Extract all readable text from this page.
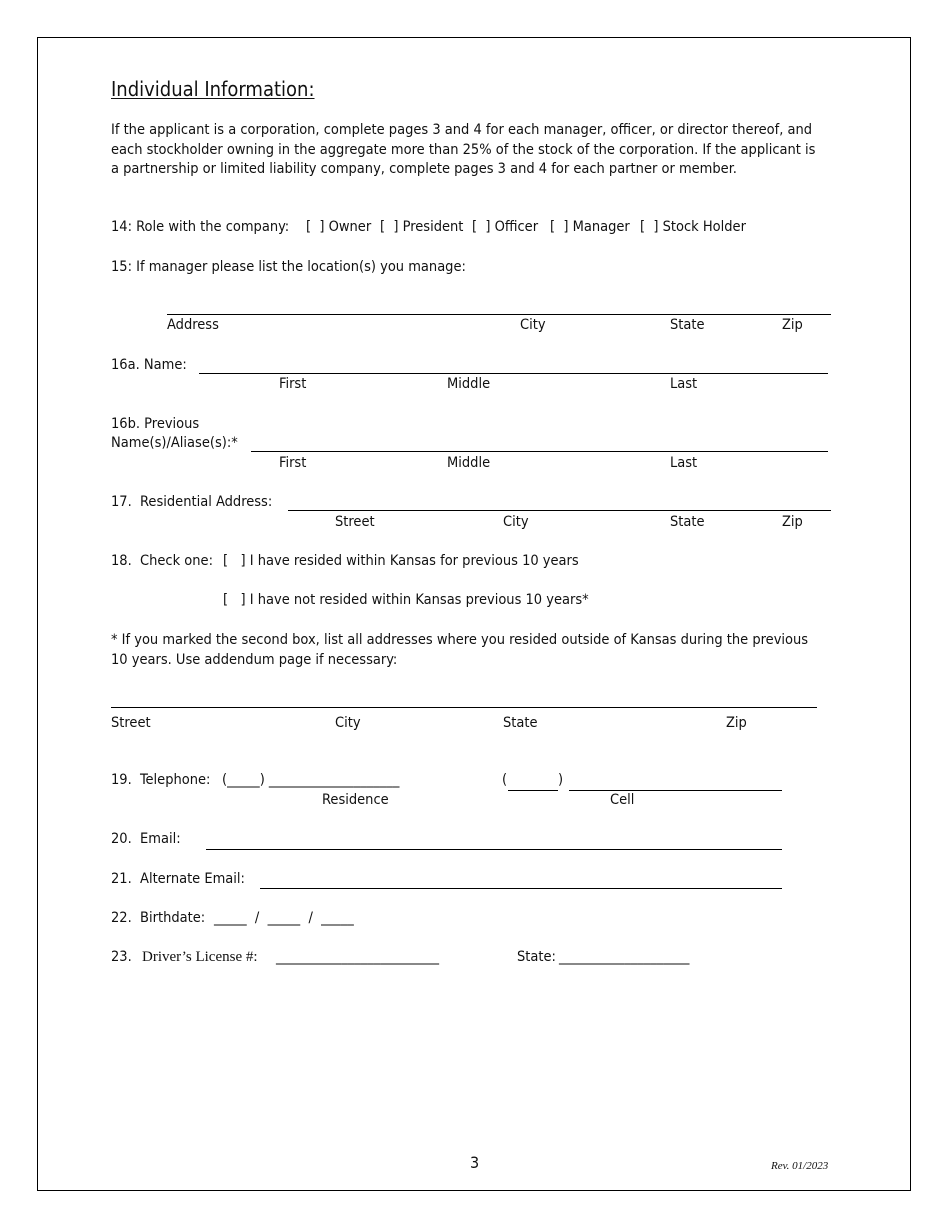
Individual Information:
If the applicant is a corporation, complete pages 3 and 4 for each manager, officer, or director thereof, and each stockholder owning in the aggregate more than 25% of the stock of the corporation. If the applicant is a partnership or limited liability company, complete pages 3 and 4 for each partner or member.
14: Role with the company: [  ] Owner [  ] President [  ] Officer [  ] Manager [  ] Stock Holder
15: If manager please list the location(s) you manage:
Address	City	State	Zip
16a. Name:
First	Middle	Last
16b. Previous
Name(s)/Aliase(s):*
First	Middle	Last
17.  Residential Address:
Street	City	State	Zip
18.  Check one: [   ] I have resided within Kansas for previous 10 years
[   ] I have not resided within Kansas previous 10 years*
* If you marked the second box, list all addresses where you resided outside of Kansas during the previous 10 years. Use addendum page if necessary:
Street	City	State	Zip
19.  Telephone: (_____) ____________________	(	)
Residence	Cell
20.  Email:
21.  Alternate Email:
22.  Birthdate: _____  /  _____  /  _____
23. Driver’s License #: _________________________	State: ____________________
3	Rev. 01/2023
